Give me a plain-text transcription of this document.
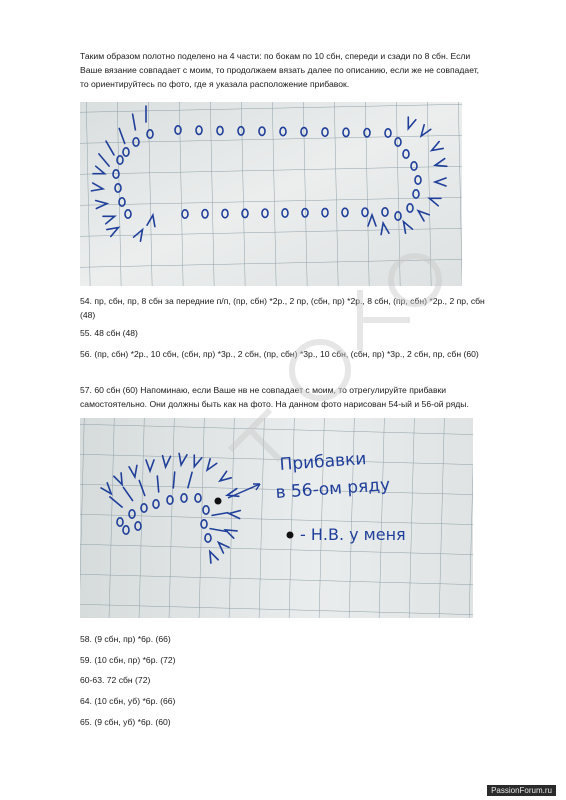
Таким образом полотно поделено на 4 части: по бокам по 10 сбн, спереди и сзади по 8 сбн. Если Ваше вязание совпадает с моим, то продолжаем вязать далее по описанию, если же не совпадает, то ориентируйтесь по фото, где я указала расположение прибавок.

54. пр, сбн, пр, 8 сбн за передние п/п, (пр, сбн) *2р., 2 пр, (сбн, пр) *2р., 8 сбн, (пр, сбн) *2р., 2 пр, сбн (48)

55. 48 сбн (48)

56. (пр, сбн) *2р., 10 сбн, (сбн, пр) *3р., 2 сбн, (пр, сбн) *3р., 10 сбн, (сбн, пр) *3р., 2 сбн, пр, сбн (60)

57. 60 сбн (60) Напоминаю, если Ваше нв не совпадает с моим, то отрегулируйте прибавки самостоятельно. Они должны быть как на фото. На данном фото нарисован 54-ый и 56-ой ряды.

Прибавки
в 56-ом ряду
- Н.В. у меня

58. (9 сбн, пр) *6р. (66)

59. (10 сбн, пр) *6р. (72)

60-63. 72 сбн (72)

64. (10 сбн, уб) *6р. (66)

65. (9 сбн, уб) *6р. (60)

PassionForum.ru
